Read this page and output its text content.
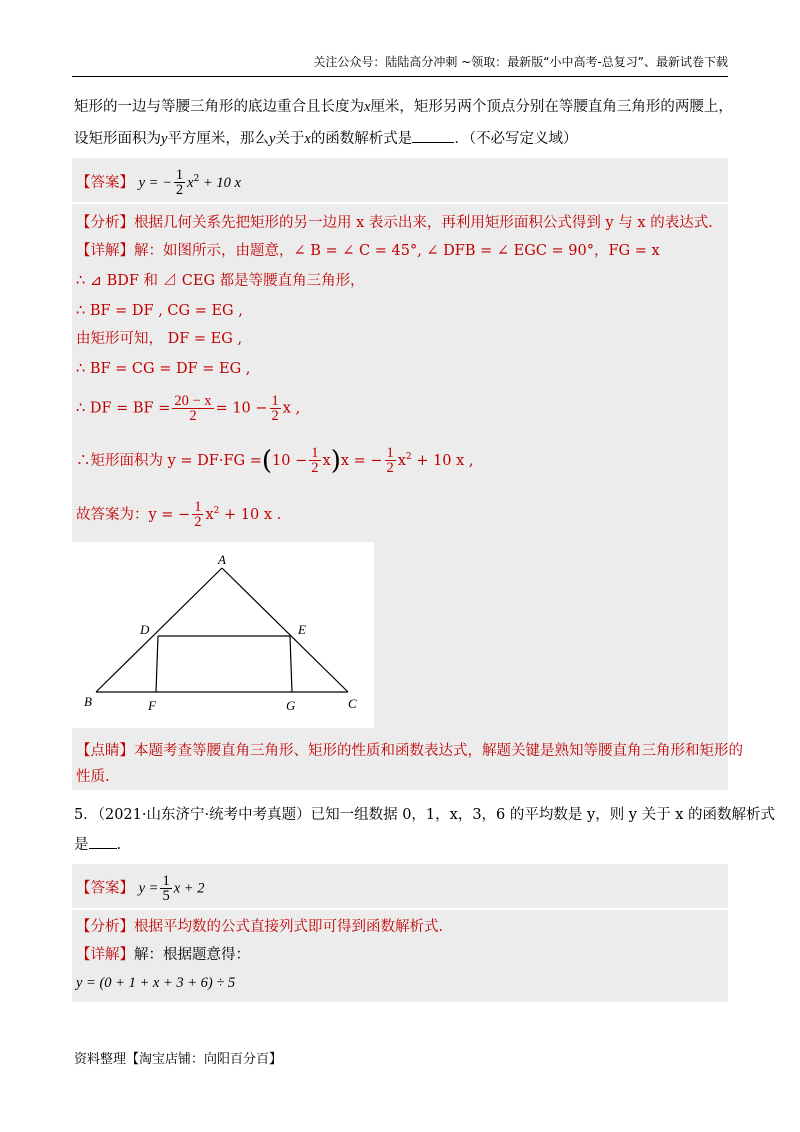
关注公众号：陆陆高分冲刺 ~领取：最新版“小中高考-总复习”、最新试卷下载
矩形的一边与等腰三角形的底边重合且长度为x厘米，矩形另两个顶点分别在等腰直角三角形的两腰上，
设矩形面积为y平方厘米，那么y关于x的函数解析式是	．（不必写定义域）
【答案】 y = − $\frac{1}{2} x^2 + 10$ x
【分析】根据几何关系先把矩形的另一边用 x 表示出来，再利用矩形面积公式得到 y 与 x 的表达式.
【详解】解：如图所示，由题意，∠ B = ∠ C = 45°, ∠ DFB = ∠ EGC = 90°，FG = x
∴ ⊿ BDF 和 ⊿ CEG 都是等腰直角三角形，
∴ BF = DF , CG = EG ,
由矩形可知， DF = EG ,
∴ BF = CG = DF = EG ,
∴ DF = BF = $\frac{20 - x}{2} = 10 - \frac{1}{2}$ x ,
∴矩形面积为 $y = DF\cdot FG =(10 - \frac{1}{2} x)x$ = − $\frac{1}{2} x^2 + 10$ x ,
故答案为：y = − $\frac{1}{2} x^2 + 10$ x .
A
B	C
D	E
F	G
【点睛】本题考查等腰直角三角形、矩形的性质和函数表达式，解题关键是熟知等腰直角三角形和矩形的
性质.
5．（2021·山东济宁·统考中考真题）已知一组数据 0，1，x，3，6 的平均数是 y，则 y 关于 x 的函数解析式
是 .
【答案】 $y = \frac{1}{5}$ x + 2
【分析】根据平均数的公式直接列式即可得到函数解析式.
【详解】解：根据题意得：
y = (0 + 1 + x + 3 + 6) ÷ 5
资料整理【淘宝店铺：向阳百分百】
